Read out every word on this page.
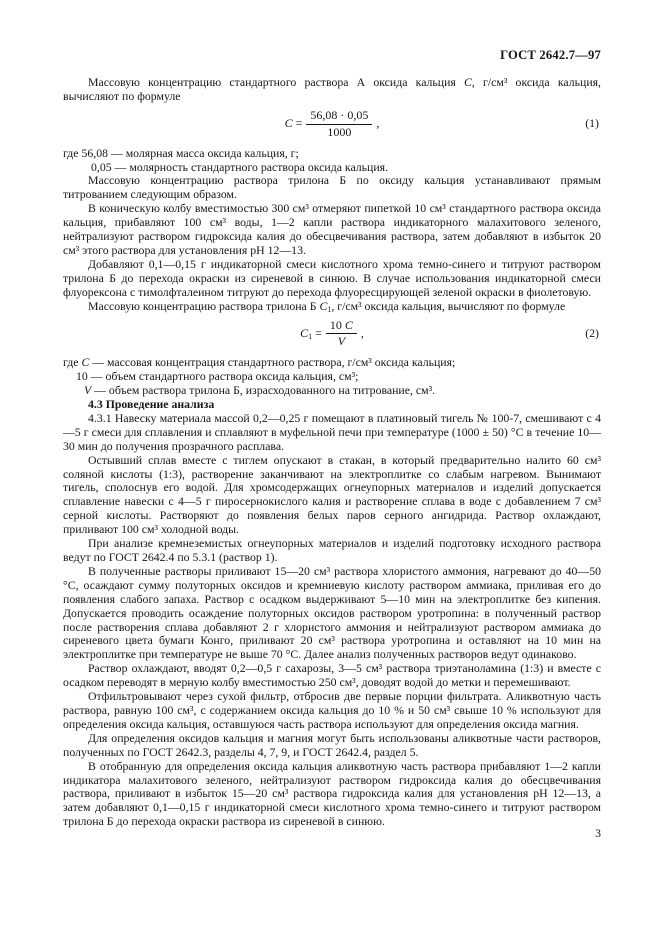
ГОСТ 2642.7—97

Массовую концентрацию стандартного раствора А оксида кальция С, г/см³ оксида кальция, вычисляют по формуле

$С = \frac{56,08 \cdot 0,05}{1000}$ ,	(1)
где 56,08 — молярная масса оксида кальция, г;
0,05 — молярность стандартного раствора оксида кальция.

Массовую концентрацию раствора трилона Б по оксиду кальция устанавливают прямым титрованием следующим образом.

В коническую колбу вместимостью 300 см³ отмеряют пипеткой 10 см³ стандартного раствора оксида кальция, прибавляют 100 см³ воды, 1—2 капли раствора индикаторного малахитового зеленого, нейтрализуют раствором гидроксида калия до обесцвечивания раствора, затем добавляют в избыток 20 см³ этого раствора для установления рН 12—13.

Добавляют 0,1—0,15 г индикаторной смеси кислотного хрома темно-синего и титруют раствором трилона Б до перехода окраски из сиреневой в синюю. В случае использования индикаторной смеси флуорексона с тимолфталеином титруют до перехода флуоресцирующей зеленой окраски в фиолетовую.

Массовую концентрацию раствора трилона Б $С_1$, г/см³ оксида кальция, вычисляют по формуле

$С_1 = \frac{10 С}{V}$ ,	(2)
где С — массовая концентрация стандартного раствора, г/см³ оксида кальция;
10 — объем стандартного раствора оксида кальция, см³;
V — объем раствора трилона Б, израсходованного на титрование, см³.

4.3 Проведение анализа

4.3.1 Навеску материала массой 0,2—0,25 г помещают в платиновый тигель № 100-7, смешивают с 4—5 г смеси для сплавления и сплавляют в муфельной печи при температуре (1000 ± 50) °С в течение 10—30 мин до получения прозрачного расплава.

Остывший сплав вместе с тиглем опускают в стакан, в который предварительно налито 60 см³ соляной кислоты (1:3), растворение заканчивают на электроплитке со слабым нагревом. Вынимают тигель, сполоснув его водой. Для хромсодержащих огнеупорных материалов и изделий допускается сплавление навески с 4—5 г пиросернокислого калия и растворение сплава в воде с добавлением 7 см³ серной кислоты. Растворяют до появления белых паров серного ангидрида. Раствор охлаждают, приливают 100 см³ холодной воды.

При анализе кремнеземистых огнеупорных материалов и изделий подготовку исходного раствора ведут по ГОСТ 2642.4 по 5.3.1 (раствор 1).

В полученные растворы приливают 15—20 см³ раствора хлористого аммония, нагревают до 40—50 °С, осаждают сумму полуторных оксидов и кремниевую кислоту раствором аммиака, приливая его до появления слабого запаха. Раствор с осадком выдерживают 5—10 мин на электроплитке без кипения. Допускается проводить осаждение полуторных оксидов раствором уротропина: в полученный раствор после растворения сплава добавляют 2 г хлористого аммония и нейтрализуют раствором аммиака до сиреневого цвета бумаги Конго, приливают 20 см³ раствора уротропина и оставляют на 10 мин на электроплитке при температуре не выше 70 °С. Далее анализ полученных растворов ведут одинаково.

Раствор охлаждают, вводят 0,2—0,5 г сахарозы, 3—5 см³ раствора триэтаноламина (1:3) и вместе с осадком переводят в мерную колбу вместимостью 250 см³, доводят водой до метки и перемешивают.

Отфильтровывают через сухой фильтр, отбросив две первые порции фильтрата. Аликвотную часть раствора, равную 100 см³, с содержанием оксида кальция до 10 % и 50 см³ свыше 10 % используют для определения оксида кальция, оставшуюся часть раствора используют для определения оксида магния.

Для определения оксидов кальция и магния могут быть использованы аликвотные части растворов, полученных по ГОСТ 2642.3, разделы 4, 7, 9, и ГОСТ 2642.4, раздел 5.

В отобранную для определения оксида кальция аликвотную часть раствора прибавляют 1—2 капли индикатора малахитового зеленого, нейтрализуют раствором гидроксида калия до обесцвечивания раствора, приливают в избыток 15—20 см³ раствора гидроксида калия для установления рН 12—13, а затем добавляют 0,1—0,15 г индикаторной смеси кислотного хрома темно-синего и титруют раствором трилона Б до перехода окраски раствора из сиреневой в синюю.

3
